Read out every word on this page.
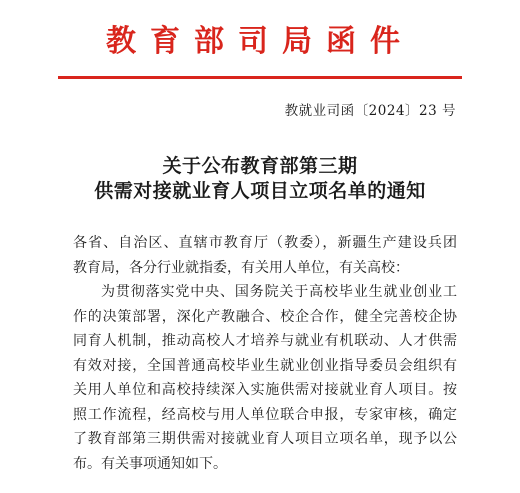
教育部司局函件
教就业司函〔2024〕23 号
关于公布教育部第三期
供需对接就业育人项目立项名单的通知

各省、自治区、直辖市教育厅（教委），新疆生产建设兵团
教育局，各分行业就指委，有关用人单位，有关高校：

为贯彻落实党中央、国务院关于高校毕业生就业创业工
作的决策部署，深化产教融合、校企合作，健全完善校企协
同育人机制，推动高校人才培养与就业有机联动、人才供需
有效对接，全国普通高校毕业生就业创业指导委员会组织有
关用人单位和高校持续深入实施供需对接就业育人项目。按
照工作流程，经高校与用人单位联合申报，专家审核，确定
了教育部第三期供需对接就业育人项目立项名单，现予以公
布。有关事项通知如下。
